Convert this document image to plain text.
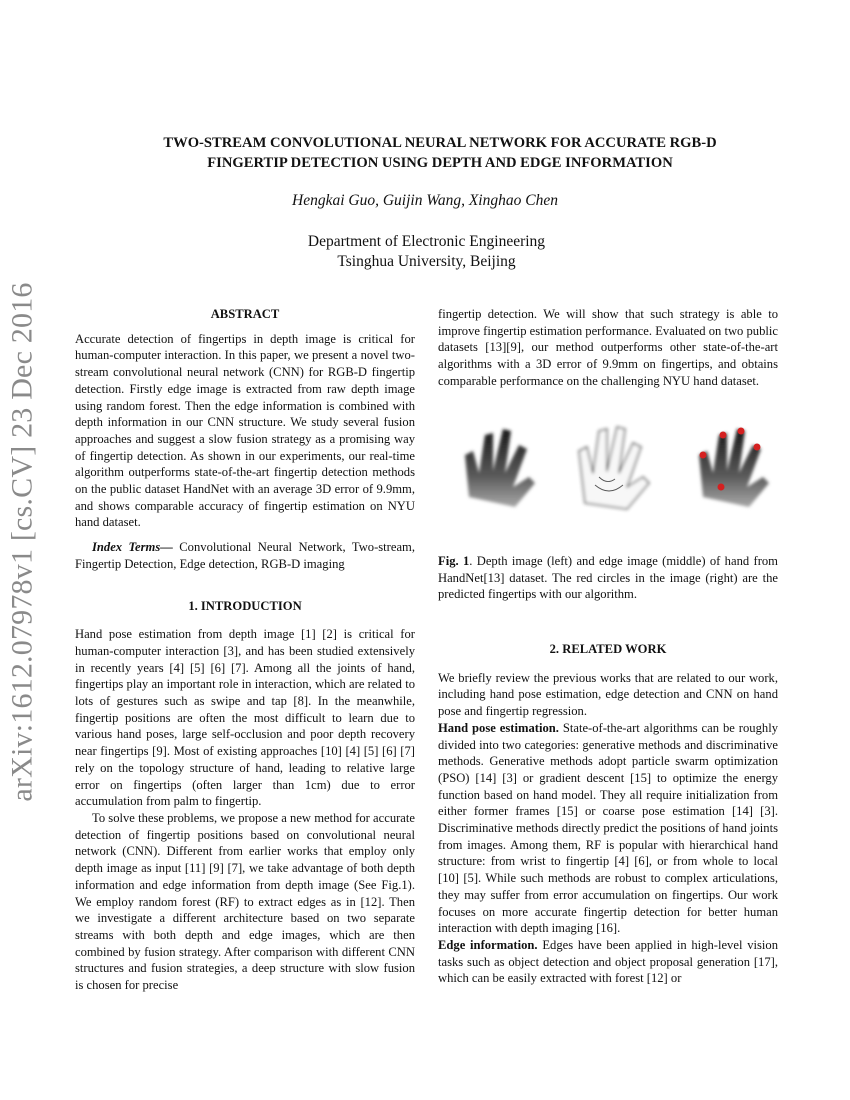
arXiv:1612.07978v1 [cs.CV] 23 Dec 2016
TWO-STREAM CONVOLUTIONAL NEURAL NETWORK FOR ACCURATE RGB-D
FINGERTIP DETECTION USING DEPTH AND EDGE INFORMATION
Hengkai Guo, Guijin Wang, Xinghao Chen
Department of Electronic Engineering
Tsinghua University, Beijing

ABSTRACT

Accurate detection of fingertips in depth image is critical for human-computer interaction. In this paper, we present a novel two-stream convolutional neural network (CNN) for RGB-D fingertip detection. Firstly edge image is extracted from raw depth image using random forest. Then the edge information is combined with depth information in our CNN structure. We study several fusion approaches and suggest a slow fusion strategy as a promising way of fingertip detection. As shown in our experiments, our real-time algorithm outperforms state-of-the-art fingertip detection methods on the public dataset HandNet with an average 3D error of 9.9mm, and shows comparable accuracy of fingertip estimation on NYU hand dataset.

Index Terms— Convolutional Neural Network, Two-stream, Fingertip Detection, Edge detection, RGB-D imaging

1. INTRODUCTION

Hand pose estimation from depth image [1] [2] is critical for human-computer interaction [3], and has been studied extensively in recently years [4] [5] [6] [7]. Among all the joints of hand, fingertips play an important role in interaction, which are related to lots of gestures such as swipe and tap [8]. In the meanwhile, fingertip positions are often the most difficult to learn due to various hand poses, large self-occlusion and poor depth recovery near fingertips [9]. Most of existing approaches [10] [4] [5] [6] [7] rely on the topology structure of hand, leading to relative large error on fingertips (often larger than 1cm) due to error accumulation from palm to fingertip.

To solve these problems, we propose a new method for accurate detection of fingertip positions based on convolutional neural network (CNN). Different from earlier works that employ only depth image as input [11] [9] [7], we take advantage of both depth information and edge information from depth image (See Fig.1). We employ random forest (RF) to extract edges as in [12]. Then we investigate a different architecture based on two separate streams with both depth and edge images, which are then combined by fusion strategy. After comparison with different CNN structures and fusion strategies, a deep structure with slow fusion is chosen for precise

fingertip detection. We will show that such strategy is able to improve fingertip estimation performance. Evaluated on two public datasets [13][9], our method outperforms other state-of-the-art algorithms with a 3D error of 9.9mm on fingertips, and obtains comparable performance on the challenging NYU hand dataset.

Fig. 1. Depth image (left) and edge image (middle) of hand from HandNet[13] dataset. The red circles in the image (right) are the predicted fingertips with our algorithm.

2. RELATED WORK

We briefly review the previous works that are related to our work, including hand pose estimation, edge detection and CNN on hand pose and fingertip regression.

Hand pose estimation. State-of-the-art algorithms can be roughly divided into two categories: generative methods and discriminative methods. Generative methods adopt particle swarm optimization (PSO) [14] [3] or gradient descent [15] to optimize the energy function based on hand model. They all require initialization from either former frames [15] or coarse pose estimation [14] [3]. Discriminative methods directly predict the positions of hand joints from images. Among them, RF is popular with hierarchical hand structure: from wrist to fingertip [4] [6], or from whole to local [10] [5]. While such methods are robust to complex articulations, they may suffer from error accumulation on fingertips. Our work focuses on more accurate fingertip detection for better human interaction with depth imaging [16].

Edge information. Edges have been applied in high-level vision tasks such as object detection and object proposal generation [17], which can be easily extracted with forest [12] or
